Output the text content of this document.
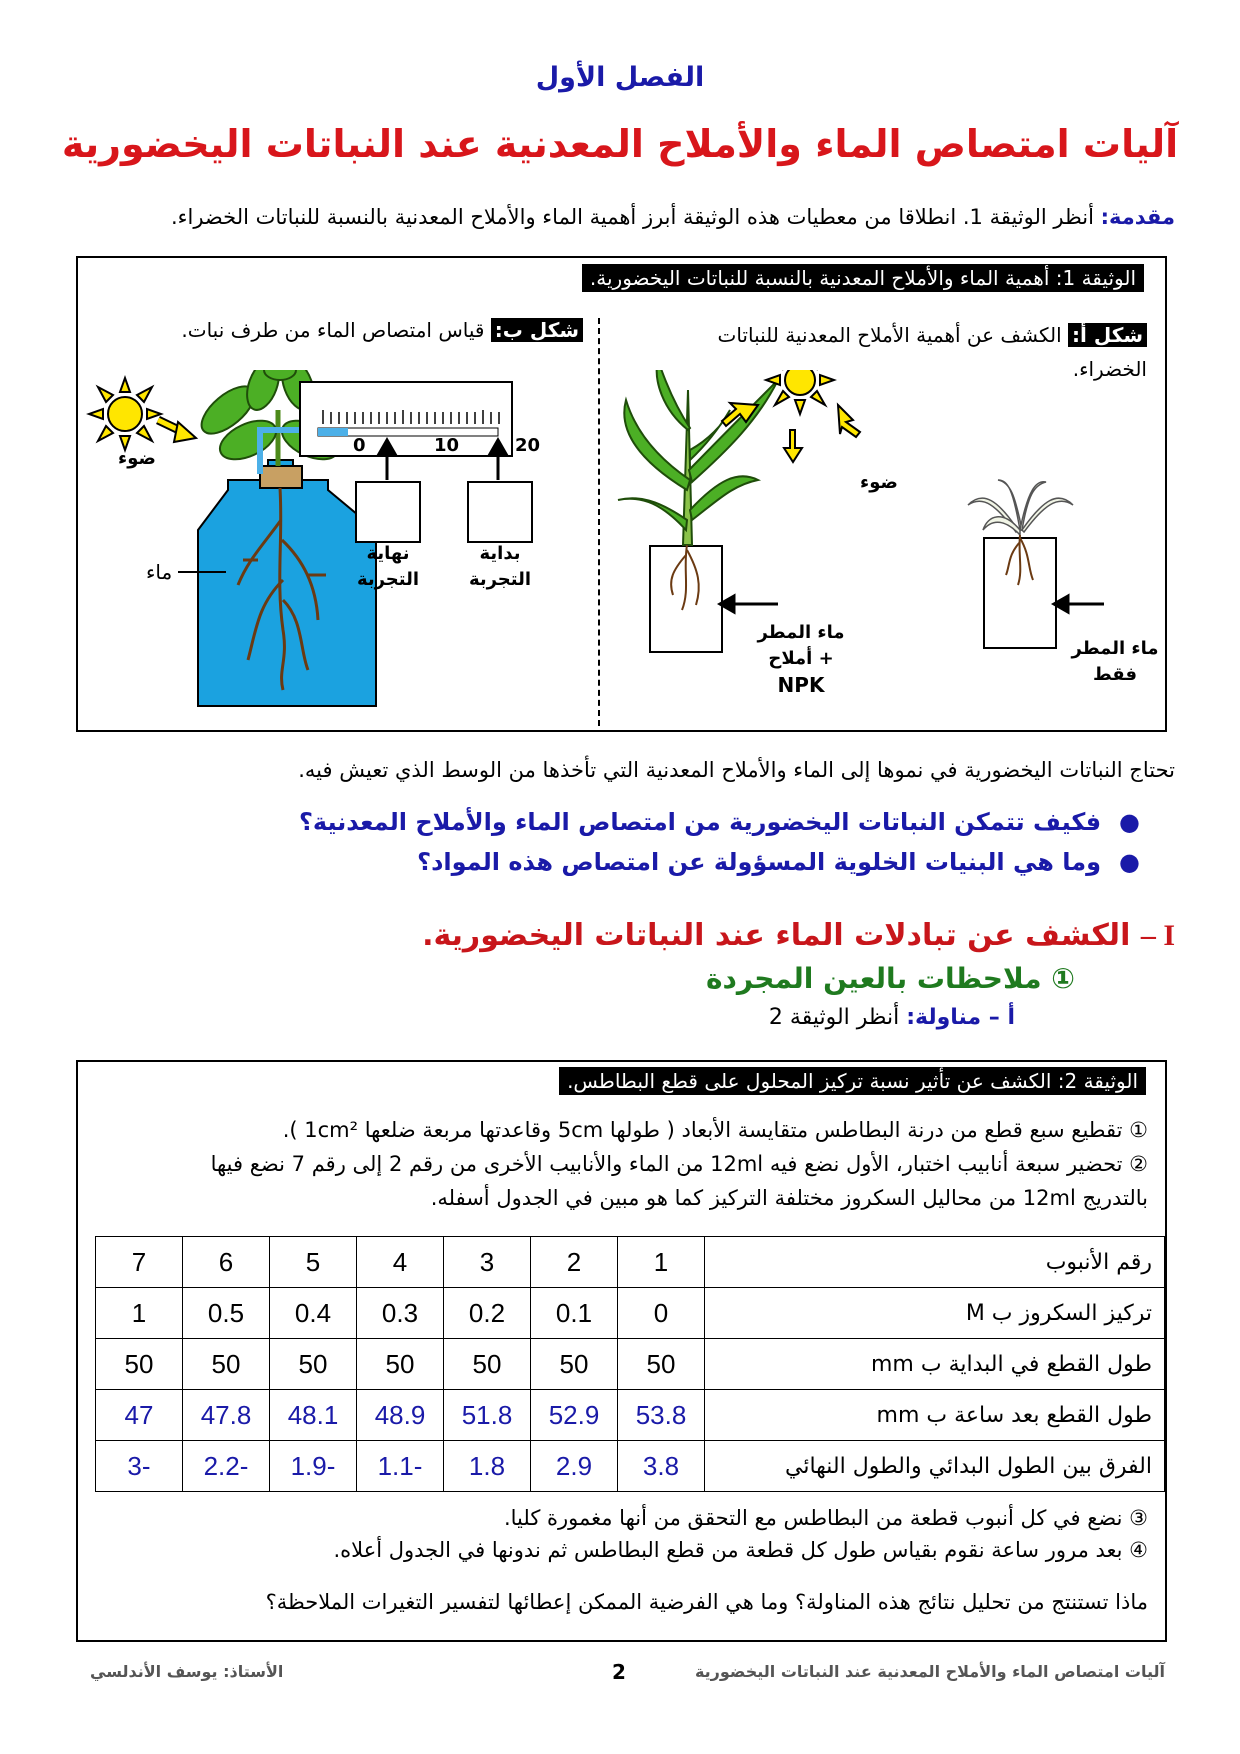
الفصل الأول
آليات امتصاص الماء والأملاح المعدنية عند النباتات اليخضورية
مقدمة: أنظر الوثيقة 1. انطلاقا من معطيات هذه الوثيقة أبرز أهمية الماء والأملاح المعدنية بالنسبة للنباتات الخضراء.
الوثيقة 1: أهمية الماء والأملاح المعدنية بالنسبة للنباتات اليخضورية.
شكل أ: الكشف عن أهمية الأملاح المعدنية للنباتات الخضراء.
شكل ب: قياس امتصاص الماء من طرف نبات.
ضوء
ماء
0	10	20
نهاية
التجربة
بداية
التجربة
ضوء
ماء المطر
+ أملاح
NPK
ماء المطر
فقط
تحتاج النباتات اليخضورية في نموها إلى الماء والأملاح المعدنية التي تأخذها من الوسط الذي تعيش فيه.
●فكيف تتمكن النباتات اليخضورية من امتصاص الماء والأملاح المعدنية؟
●وما هي البنيات الخلوية المسؤولة عن امتصاص هذه المواد؟
I – الكشف عن تبادلات الماء عند النباتات اليخضورية.
① ملاحظات بالعين المجردة
أ – مناولة: أنظر الوثيقة 2
الوثيقة 2: الكشف عن تأثير نسبة تركيز المحلول على قطع البطاطس.
① تقطيع سبع قطع من درنة البطاطس متقايسة الأبعاد ( طولها 5cm وقاعدتها مربعة ضلعها 1cm² ).
② تحضير سبعة أنابيب اختبار، الأول نضع فيه 12ml من الماء والأنابيب الأخرى من رقم 2 إلى رقم 7 نضع فيها
بالتدريج 12ml من محاليل السكروز مختلفة التركيز كما هو مبين في الجدول أسفله.
رقم الأنبوب	1	2	3	4	5	6	7
تركيز السكروز ب M	0	0.1	0.2	0.3	0.4	0.5	1
طول القطع في البداية ب mm	50	50	50	50	50	50	50
طول القطع بعد ساعة ب mm	53.8	52.9	51.8	48.9	48.1	47.8	47
الفرق بين الطول البدائي والطول النهائي	3.8	2.9	1.8	-1.1	-1.9	-2.2	-3
③ نضع في كل أنبوب قطعة من البطاطس مع التحقق من أنها مغمورة كليا.
④ بعد مرور ساعة نقوم بقياس طول كل قطعة من قطع البطاطس ثم ندونها في الجدول أعلاه.
ماذا تستنتج من تحليل نتائج هذه المناولة؟ وما هي الفرضية الممكن إعطائها لتفسير التغيرات الملاحظة؟
آليات امتصاص الماء والأملاح المعدنية عند النباتات اليخضورية
2
الأستاذ: يوسف الأندلسي
